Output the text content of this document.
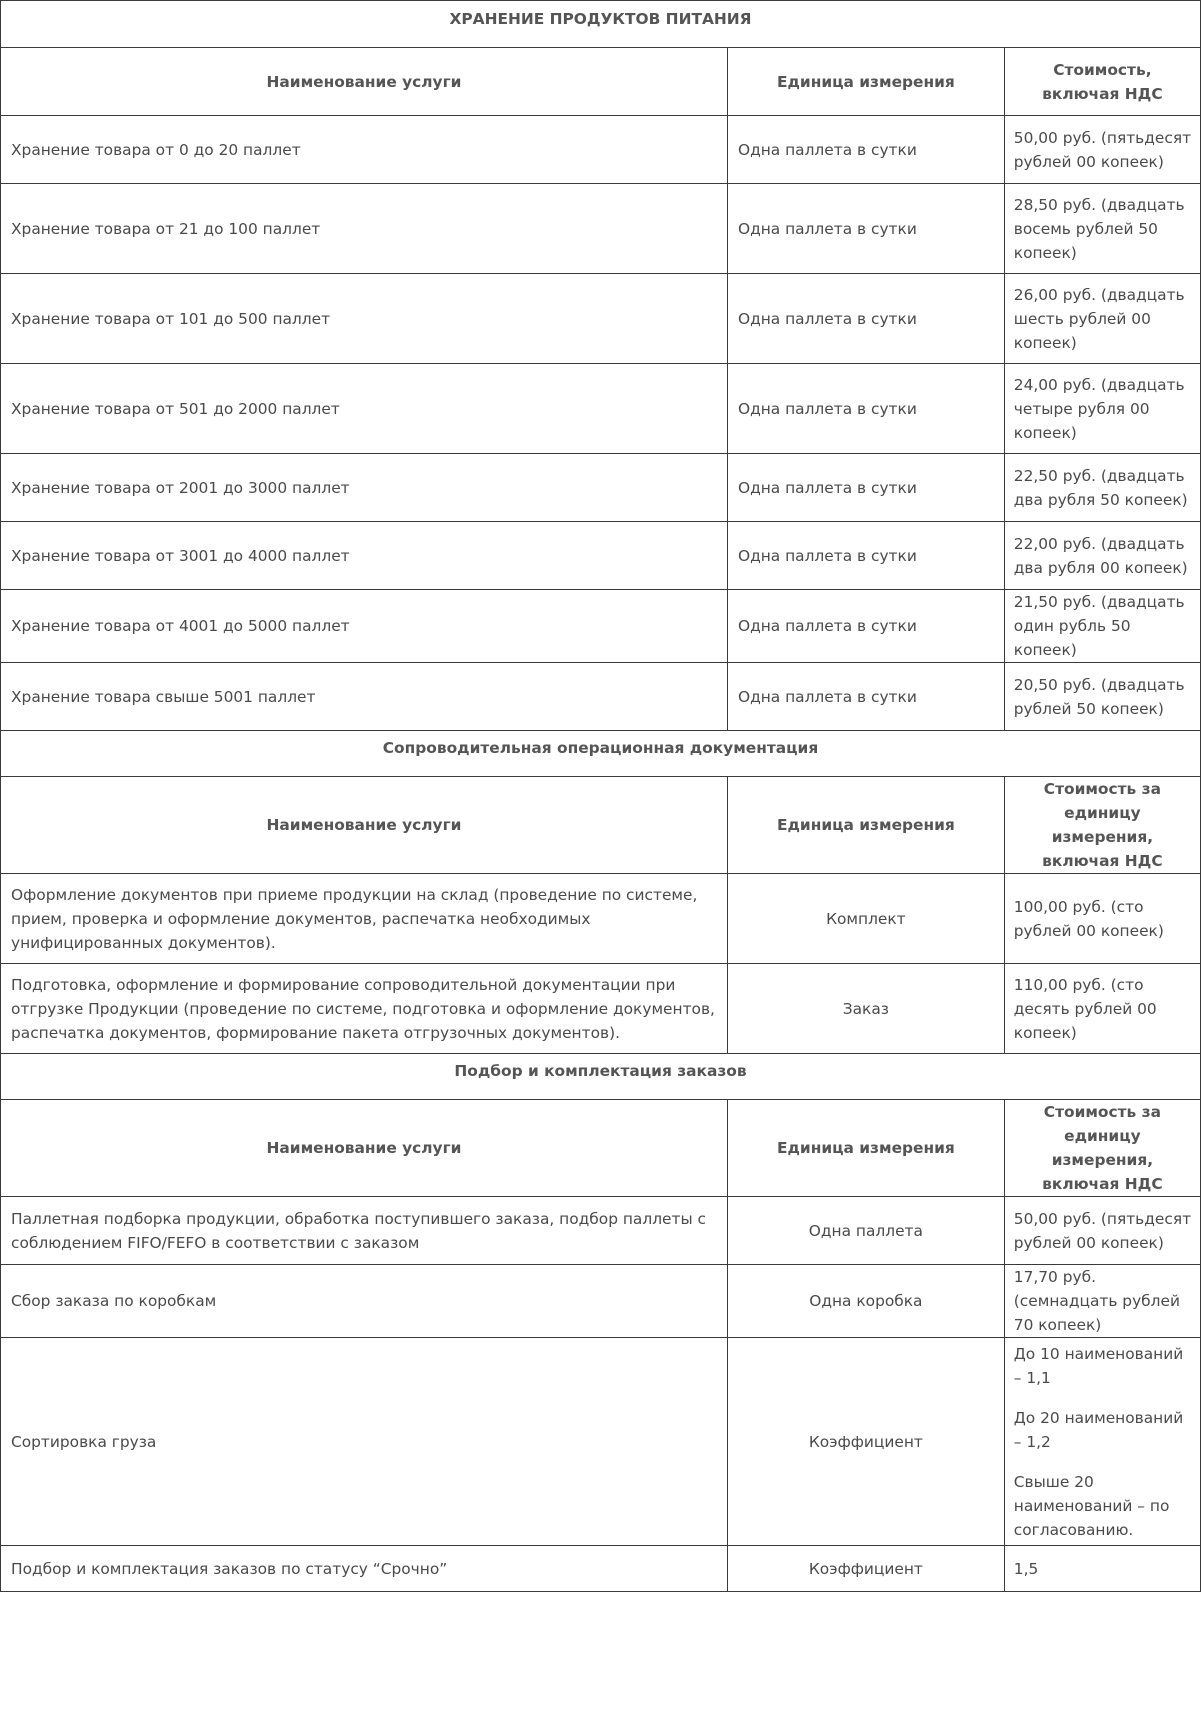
ХРАНЕНИЕ ПРОДУКТОВ ПИТАНИЯ		
Наименование услуги	Единица измерения	Стоимость, включая НДС
Хранение товара от 0 до 20 паллет	Одна паллета в сутки	50,00 руб. (пятьдесят рублей 00 копеек)
Хранение товара от 21 до 100 паллет	Одна паллета в сутки	28,50 руб. (двадцать восемь рублей 50 копеек)
Хранение товара от 101 до 500 паллет	Одна паллета в сутки	26,00 руб. (двадцать шесть рублей 00 копеек)
Хранение товара от 501 до 2000 паллет	Одна паллета в сутки	24,00 руб. (двадцать четыре рубля 00 копеек)
Хранение товара от 2001 до 3000 паллет	Одна паллета в сутки	22,50 руб. (двадцать два рубля 50 копеек)
Хранение товара от 3001 до 4000 паллет	Одна паллета в сутки	22,00 руб. (двадцать два рубля 00 копеек)
Хранение товара от 4001 до 5000 паллет	Одна паллета в сутки	21,50 руб. (двадцать один рубль 50 копеек)
Хранение товара свыше 5001 паллет	Одна паллета в сутки	20,50 руб. (двадцать рублей 50 копеек)
Сопроводительная операционная документация		
Наименование услуги	Единица измерения	Стоимость за единицу измерения, включая НДС
Оформление документов при приеме продукции на склад (проведение по системе, прием, проверка и оформление документов, распечатка необходимых унифицированных документов).	Комплект	100,00 руб. (сто рублей 00 копеек)
Подготовка, оформление и формирование сопроводительной документации при отгрузке Продукции (проведение по системе, подготовка и оформление документов, распечатка документов, формирование пакета отгрузочных документов).	Заказ	110,00 руб. (сто десять рублей 00 копеек)
Подбор и комплектация заказов		
Наименование услуги	Единица измерения	Стоимость за единицу измерения, включая НДС
Паллетная подборка продукции, обработка поступившего заказа, подбор паллеты с соблюдением FIFO/FEFO в соответствии с заказом	Одна паллета	50,00 руб. (пятьдесят рублей 00 копеек)
Сбор заказа по коробкам	Одна коробка	17,70 руб. (семнадцать рублей 70 копеек)
Сортировка груза	Коэффициент	До 10 наименований – 1,1
До 20 наименований – 1,2
Свыше 20 наименований – по согласованию.

Подбор и комплектация заказов по статусу “Срочно”	Коэффициент	1,5
